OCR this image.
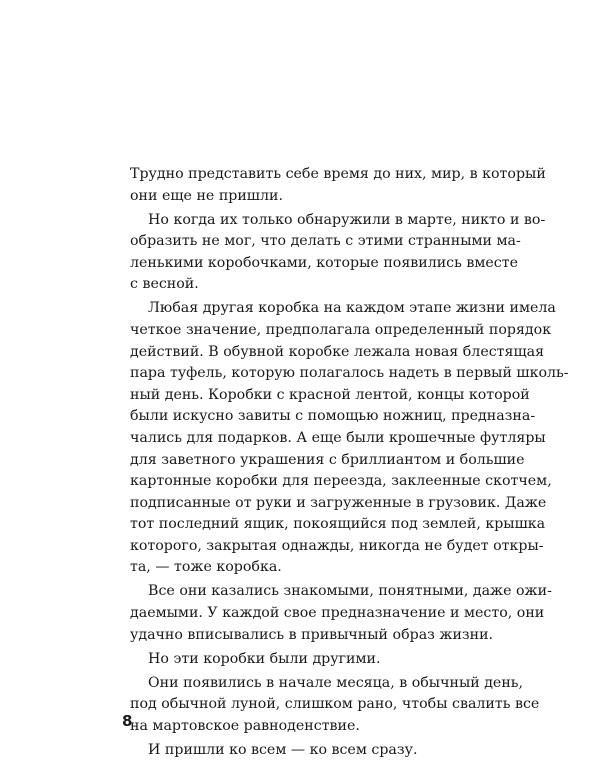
Трудно представить себе время до них, мир, в который
они еще не пришли.
Но когда их только обнаружили в марте, никто и во-
образить не мог, что делать с этими странными ма-
ленькими коробочками, которые появились вместе
с весной.
Любая другая коробка на каждом этапе жизни имела
четкое значение, предполагала определенный порядок
действий. В обувной коробке лежала новая блестящая
пара туфель, которую полагалось надеть в первый школь-
ный день. Коробки с красной лентой, концы которой
были искусно завиты с помощью ножниц, предназна-
чались для подарков. А еще были крошечные футляры
для заветного украшения с бриллиантом и большие
картонные коробки для переезда, заклеенные скотчем,
подписанные от руки и загруженные в грузовик. Даже
тот последний ящик, покоящийся под землей, крышка
которого, закрытая однажды, никогда не будет откры-
та, — тоже коробка.
Все они казались знакомыми, понятными, даже ожи-
даемыми. У каждой свое предназначение и место, они
удачно вписывались в привычный образ жизни.
Но эти коробки были другими.
Они появились в начале месяца, в обычный день,
под обычной луной, слишком рано, чтобы свалить все
на мартовское равноденствие.
И пришли ко всем — ко всем сразу.
8
